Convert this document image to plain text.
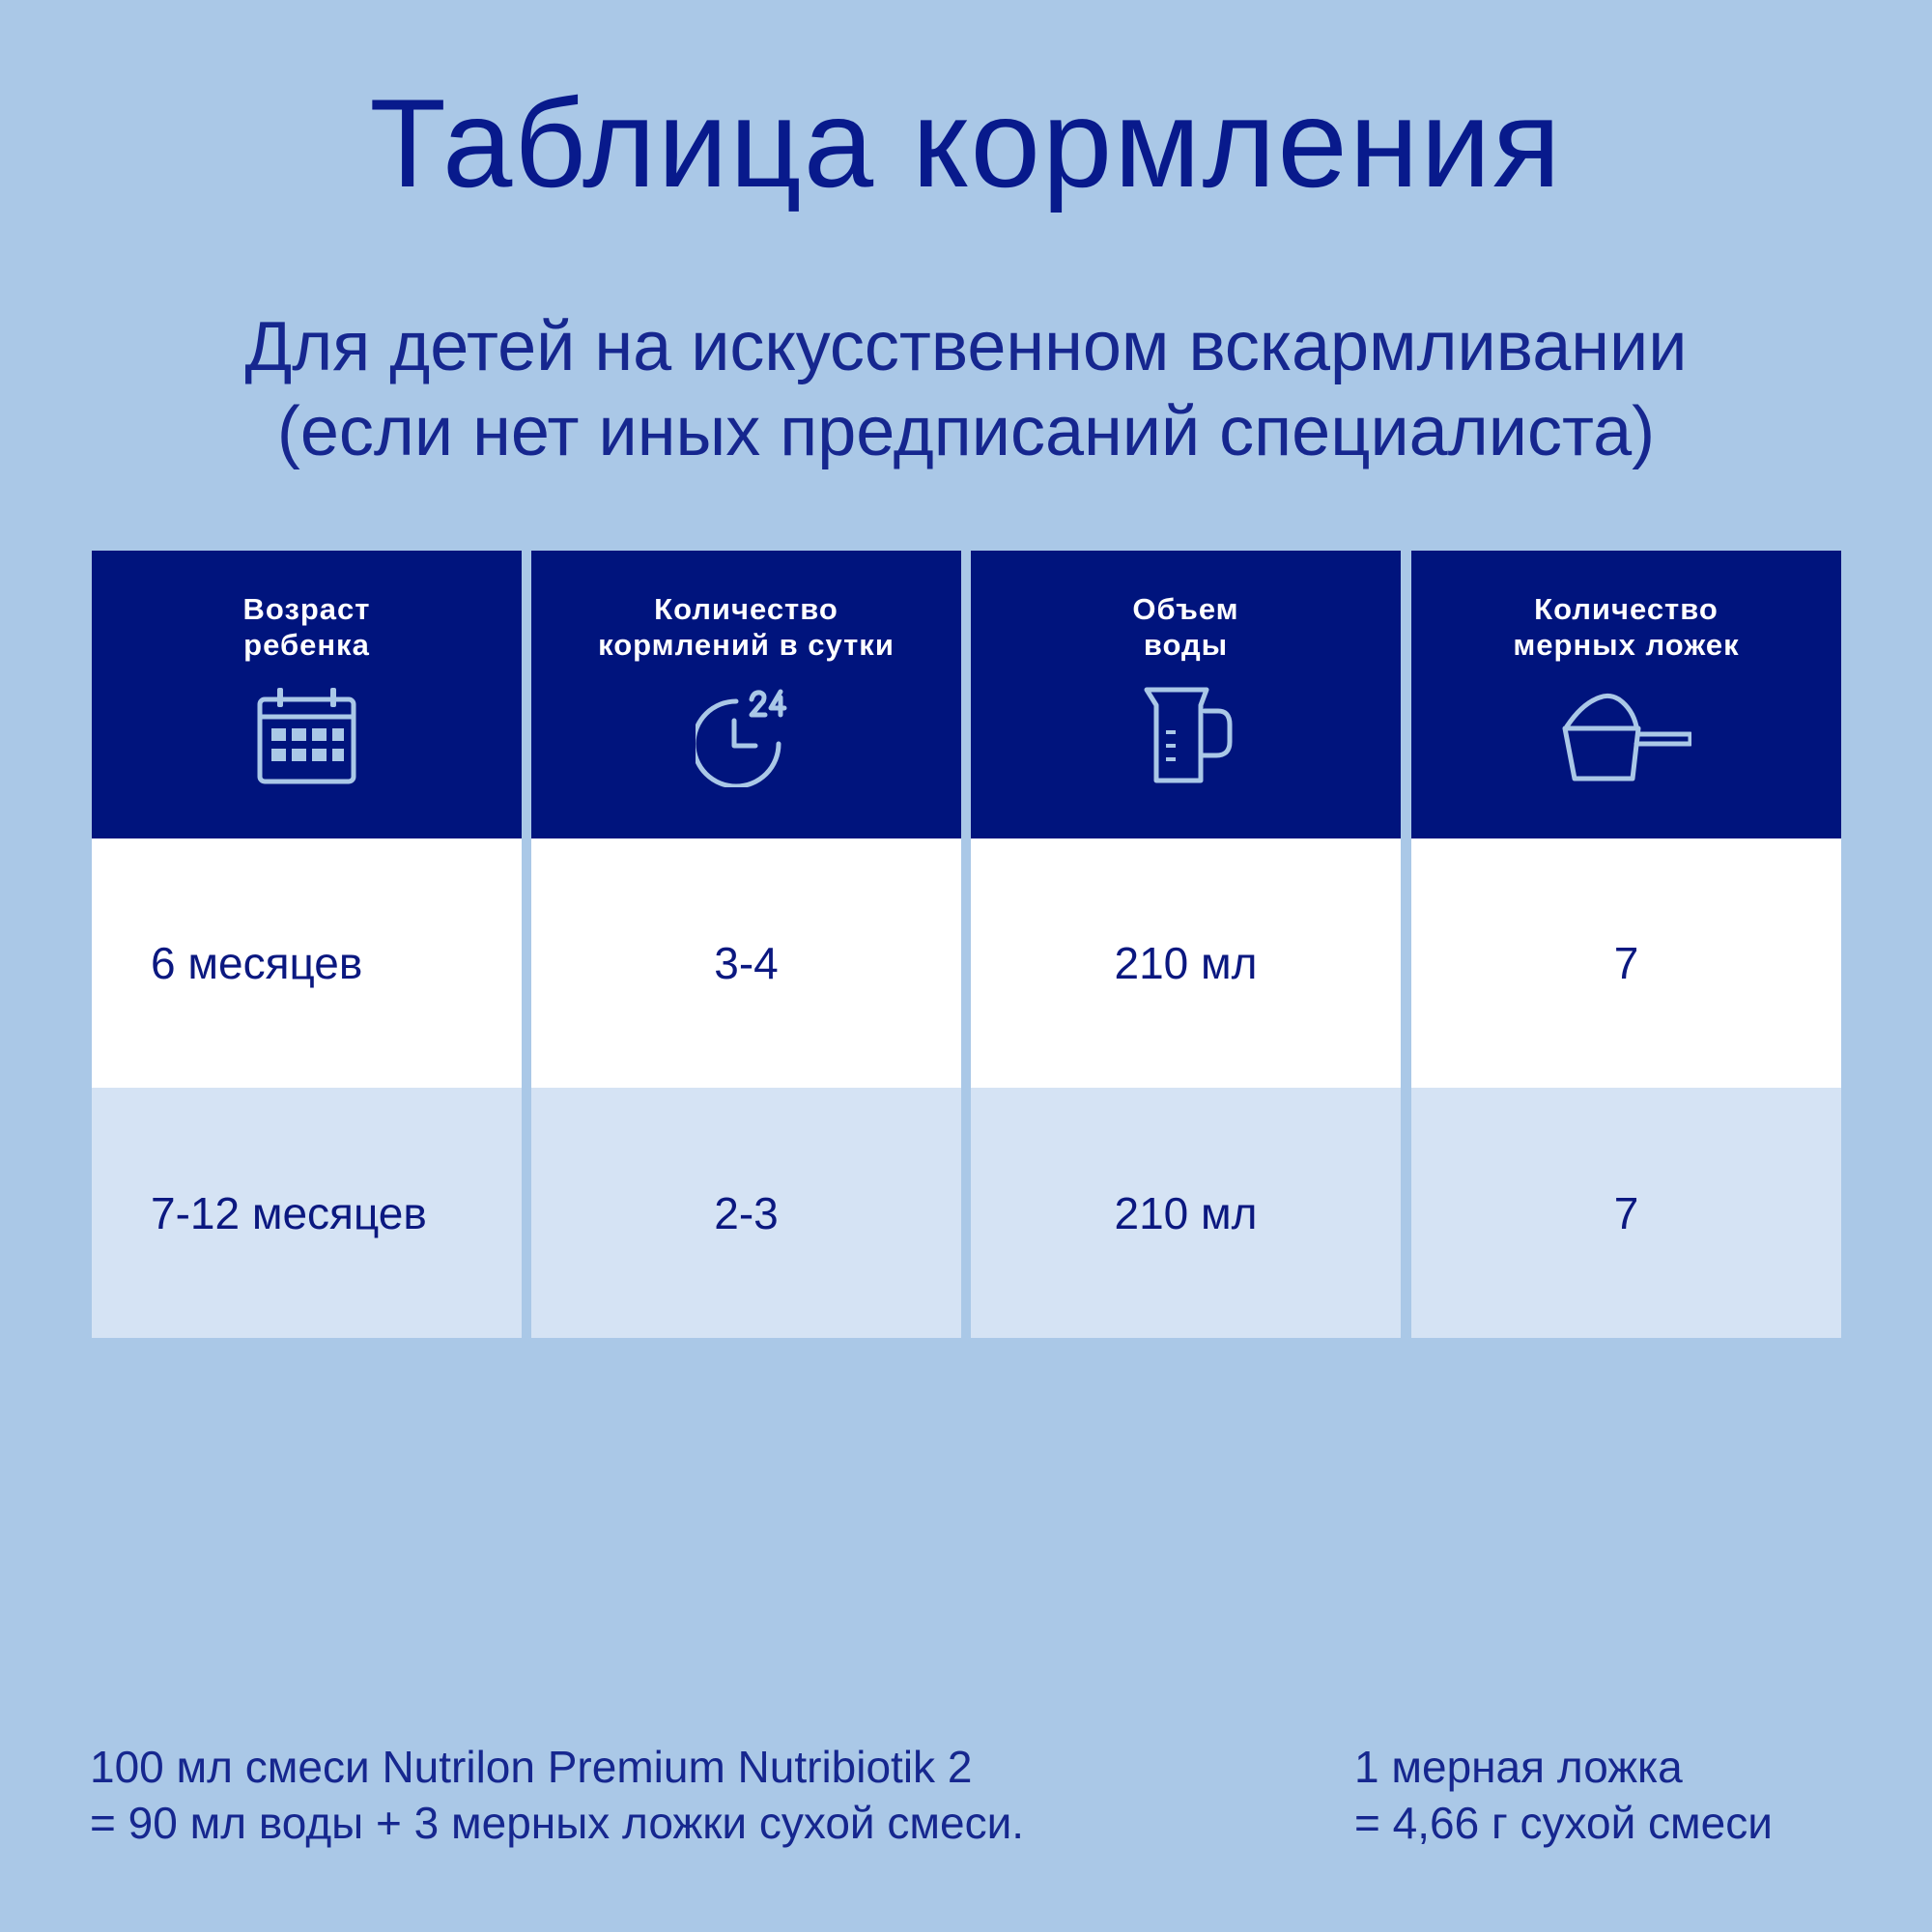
Таблица кормления
Для детей на искусственном вскармливании
(если нет иных предписаний специалиста)
Возраст
ребенка
6 месяцев
7-12 месяцев
Количество
кормлений в сутки
3-4
2-3
Объем
воды
210 мл
210 мл
Количество
мерных ложек
7
7
100 мл смеси Nutrilon Premium Nutribiotik 2
= 90 мл воды + 3 мерных ложки сухой смеси.
1 мерная ложка
= 4,66 г сухой смеси
